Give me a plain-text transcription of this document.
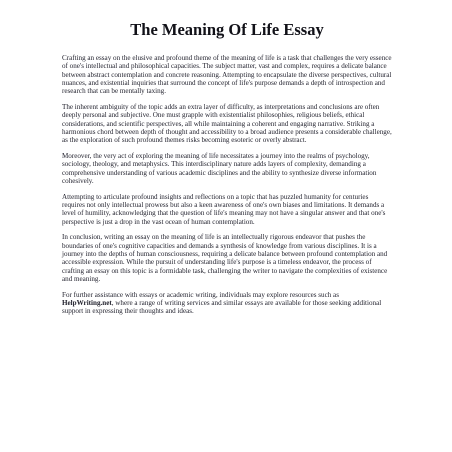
The Meaning Of Life Essay

Crafting an essay on the elusive and profound theme of the meaning of life is a task that challenges the very essence of one's intellectual and philosophical capacities. The subject matter, vast and complex, requires a delicate balance between abstract contemplation and concrete reasoning. Attempting to encapsulate the diverse perspectives, cultural nuances, and existential inquiries that surround the concept of life's purpose demands a depth of introspection and research that can be mentally taxing.

The inherent ambiguity of the topic adds an extra layer of difficulty, as interpretations and conclusions are often deeply personal and subjective. One must grapple with existentialist philosophies, religious beliefs, ethical considerations, and scientific perspectives, all while maintaining a coherent and engaging narrative. Striking a harmonious chord between depth of thought and accessibility to a broad audience presents a considerable challenge, as the exploration of such profound themes risks becoming esoteric or overly abstract.

Moreover, the very act of exploring the meaning of life necessitates a journey into the realms of psychology, sociology, theology, and metaphysics. This interdisciplinary nature adds layers of complexity, demanding a comprehensive understanding of various academic disciplines and the ability to synthesize diverse information cohesively.

Attempting to articulate profound insights and reflections on a topic that has puzzled humanity for centuries requires not only intellectual prowess but also a keen awareness of one's own biases and limitations. It demands a level of humility, acknowledging that the question of life's meaning may not have a singular answer and that one's perspective is just a drop in the vast ocean of human contemplation.

In conclusion, writing an essay on the meaning of life is an intellectually rigorous endeavor that pushes the boundaries of one's cognitive capacities and demands a synthesis of knowledge from various disciplines. It is a journey into the depths of human consciousness, requiring a delicate balance between profound contemplation and accessible expression. While the pursuit of understanding life's purpose is a timeless endeavor, the process of crafting an essay on this topic is a formidable task, challenging the writer to navigate the complexities of existence and meaning.

For further assistance with essays or academic writing, individuals may explore resources such as HelpWriting.net, where a range of writing services and similar essays are available for those seeking additional support in expressing their thoughts and ideas.
